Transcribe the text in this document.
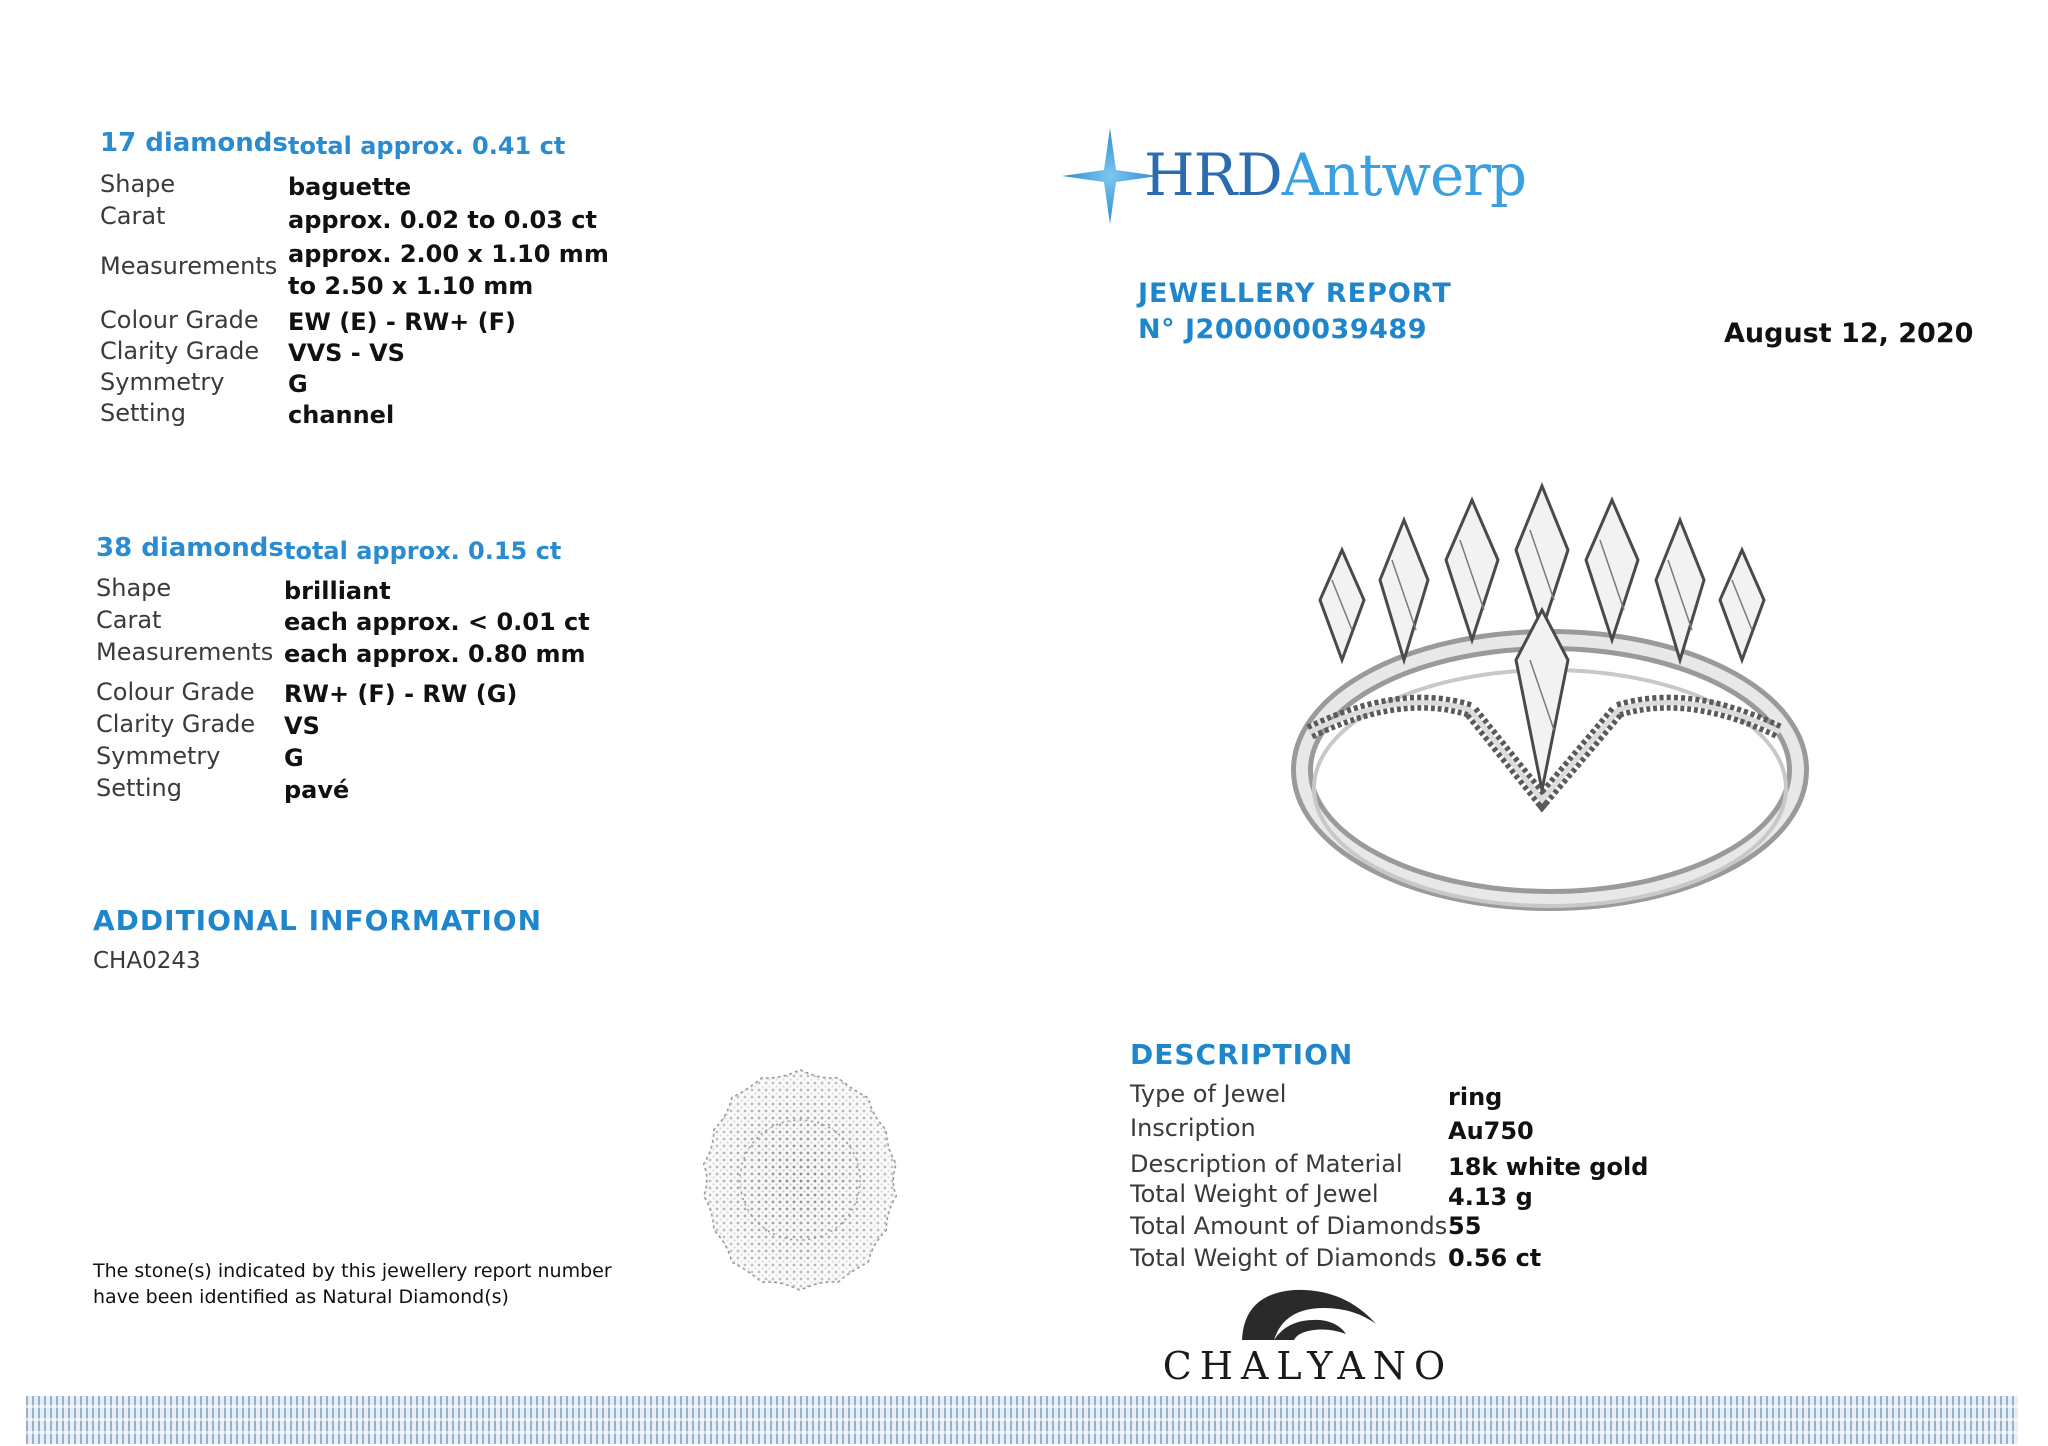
17 diamonds total approx. 0.41 ct
Shape	baguette
Carat	approx. 0.02 to 0.03 ct
Measurements approx. 2.00 x 1.10 mm
to 2.50 x 1.10 mm
Colour Grade EW (E) - RW+ (F)
Clarity Grade VVS - VS
Symmetry	G
Setting	channel
38 diamonds total approx. 0.15 ct
Shape	brilliant
Carat	each approx. < 0.01 ct
Measurements each approx. 0.80 mm
Colour Grade RW+ (F) - RW (G)
Clarity Grade VS
Symmetry	G
Setting	pavé
ADDITIONAL INFORMATION
CHA0243
The stone(s) indicated by this jewellery report number
have been identified as Natural Diamond(s)
HRDAntwerp
JEWELLERY REPORT
N° J200000039489	August 12, 2020
DESCRIPTION
Type of Jewel	ring
Inscription	Au750
Description of Material 18k white gold
Total Weight of Jewel	4.13 g
Total Amount of Diamonds 55
Total Weight of Diamonds 0.56 ct
CHALYANO
